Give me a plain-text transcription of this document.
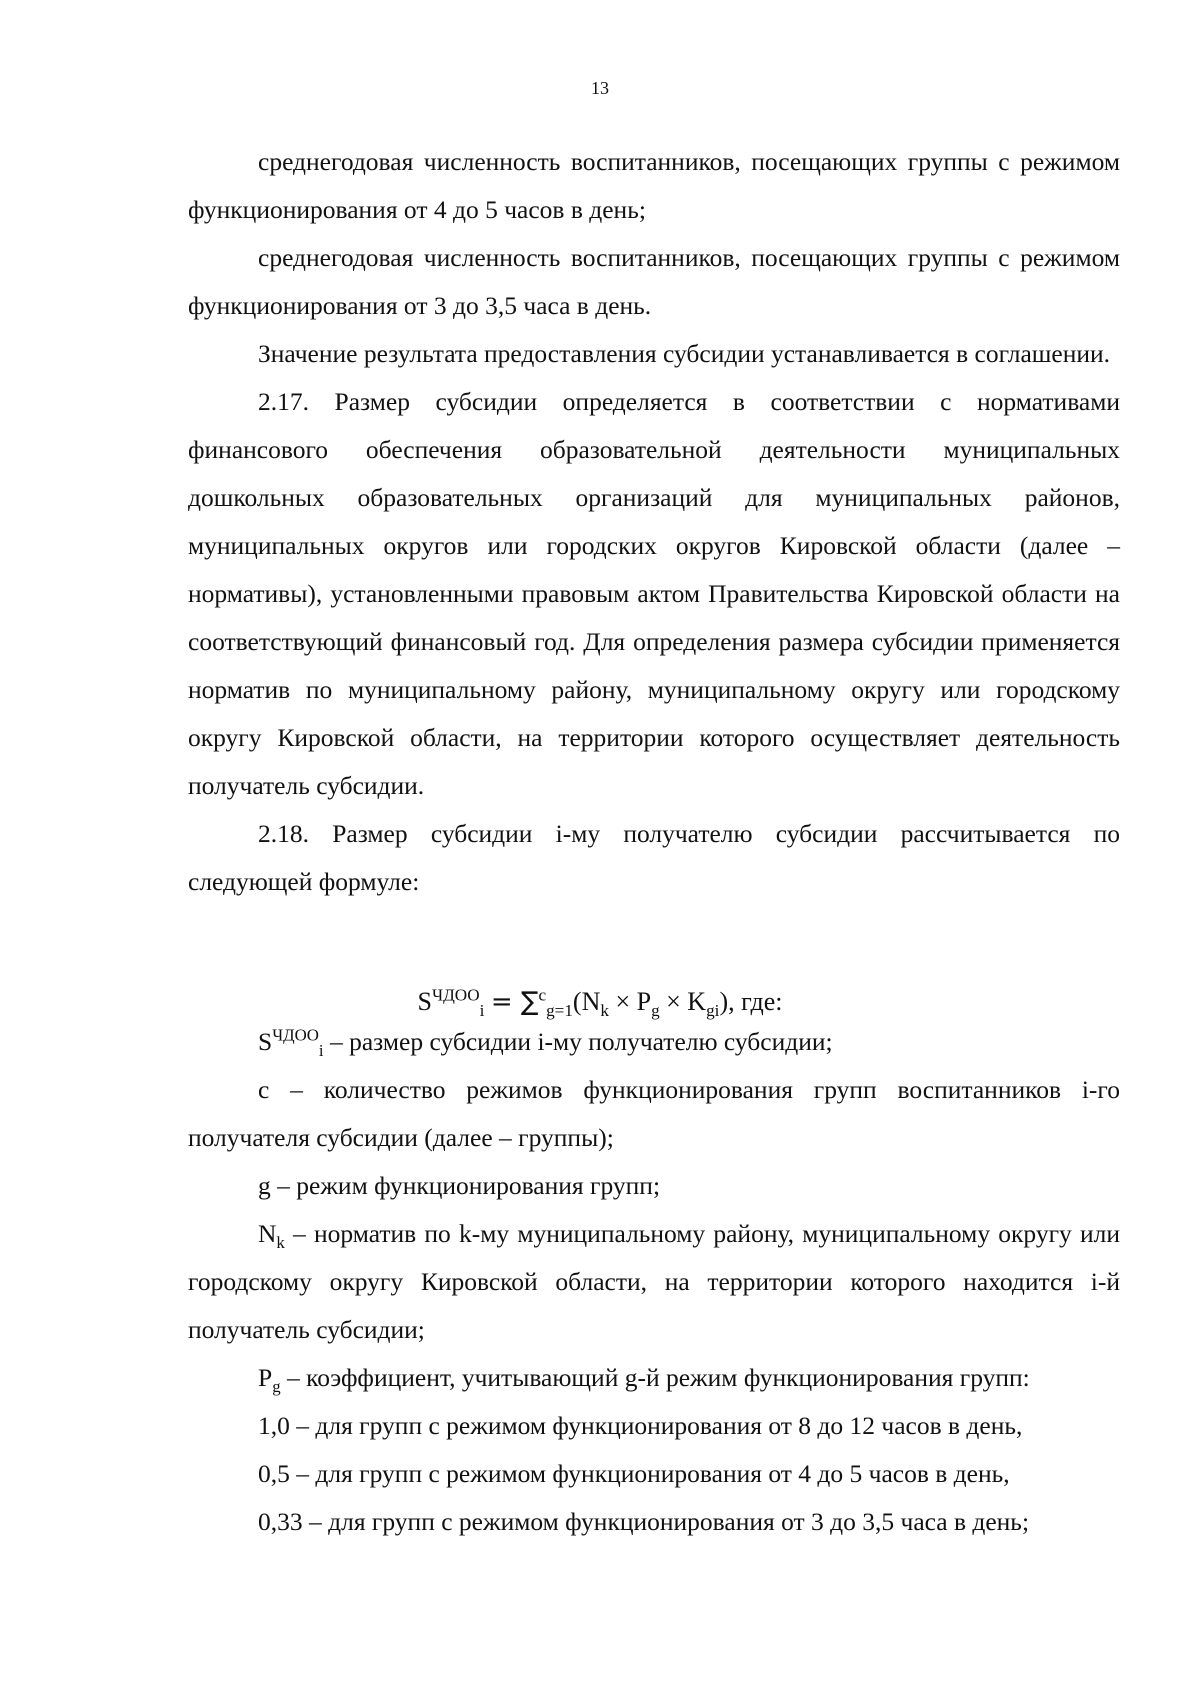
13

среднегодовая численность воспитанников, посещающих группы с режимом функционирования от 4 до 5 часов в день;

среднегодовая численность воспитанников, посещающих группы с режимом функционирования от 3 до 3,5 часа в день.

Значение результата предоставления субсидии устанавливается в соглашении.

2.17. Размер субсидии определяется в соответствии с нормативами финансового обеспечения образовательной деятельности муниципальных дошкольных образовательных организаций для муниципальных районов, муниципальных округов или городских округов Кировской области (далее – нормативы), установленными правовым актом Правительства Кировской области на соответствующий финансовый год. Для определения размера субсидии применяется норматив по муниципальному району, муниципальному округу или городскому округу Кировской области, на территории которого осуществляет деятельность получатель субсидии.

2.18. Размер субсидии i-му получателю субсидии рассчитывается по следующей формуле:

$S^{ЧДОО}_i = \sum^c_{g=1}(N_k \times P_g \times K_{gi})$, где:

$S^{ЧДОО}_i$ – размер субсидии i-му получателю субсидии;

c – количество режимов функционирования групп воспитанников i-го получателя субсидии (далее – группы);

g – режим функционирования групп;

$N_k$ – норматив по k-му муниципальному району, муниципальному округу или городскому округу Кировской области, на территории которого находится i-й получатель субсидии;

$P_g$ – коэффициент, учитывающий g-й режим функционирования групп:

1,0 – для групп с режимом функционирования от 8 до 12 часов в день,

0,5 – для групп с режимом функционирования от 4 до 5 часов в день,

0,33 – для групп с режимом функционирования от 3 до 3,5 часа в день;
